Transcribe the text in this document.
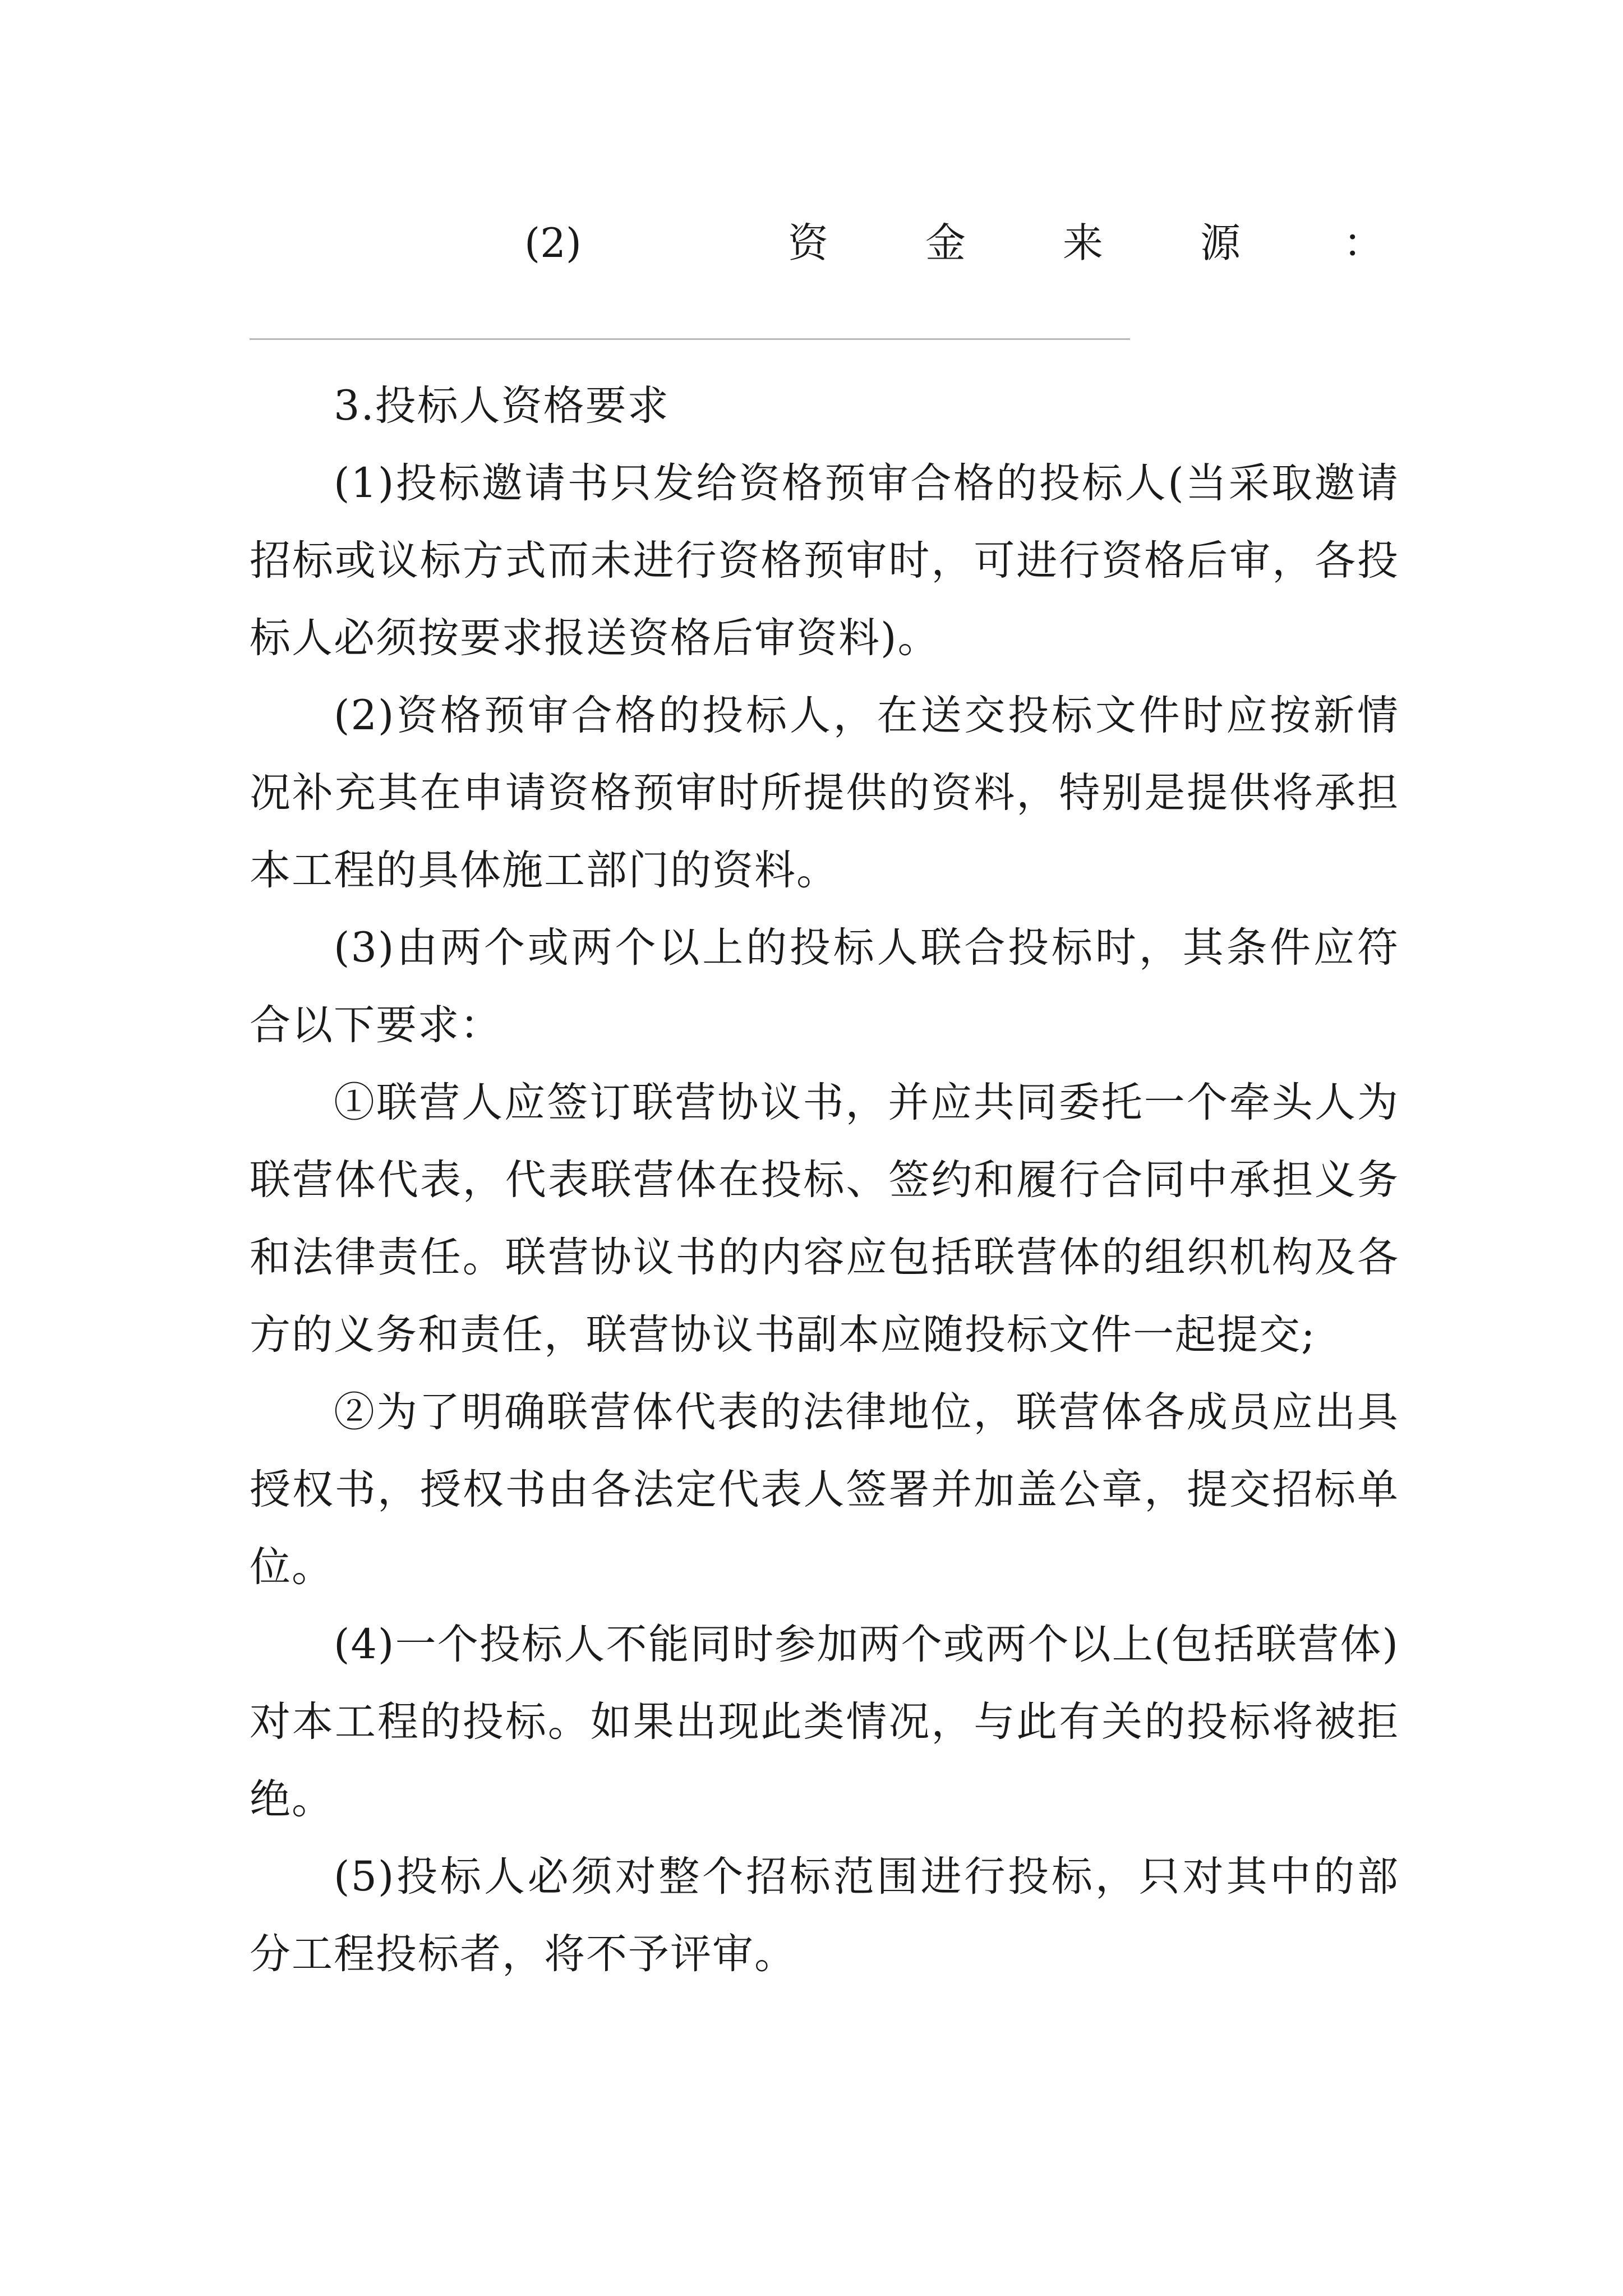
(2)	资 金 来 源	：

3.投标人资格要求

(1)投标邀请书只发给资格预审合格的投标人(当采取邀请招标或议标方式而未进行资格预审时，可进行资格后审，各投标人必须按要求报送资格后审资料)。

(2)资格预审合格的投标人，在送交投标文件时应按新情况补充其在申请资格预审时所提供的资料，特别是提供将承担本工程的具体施工部门的资料。

(3)由两个或两个以上的投标人联合投标时，其条件应符合以下要求：

①联营人应签订联营协议书，并应共同委托一个牵头人为联营体代表，代表联营体在投标、签约和履行合同中承担义务和法律责任。联营协议书的内容应包括联营体的组织机构及各方的义务和责任，联营协议书副本应随投标文件一起提交;

②为了明确联营体代表的法律地位，联营体各成员应出具授权书，授权书由各法定代表人签署并加盖公章，提交招标单位。

(4)一个投标人不能同时参加两个或两个以上(包括联营体)对本工程的投标。如果出现此类情况，与此有关的投标将被拒绝。

(5)投标人必须对整个招标范围进行投标，只对其中的部分工程投标者，将不予评审。
